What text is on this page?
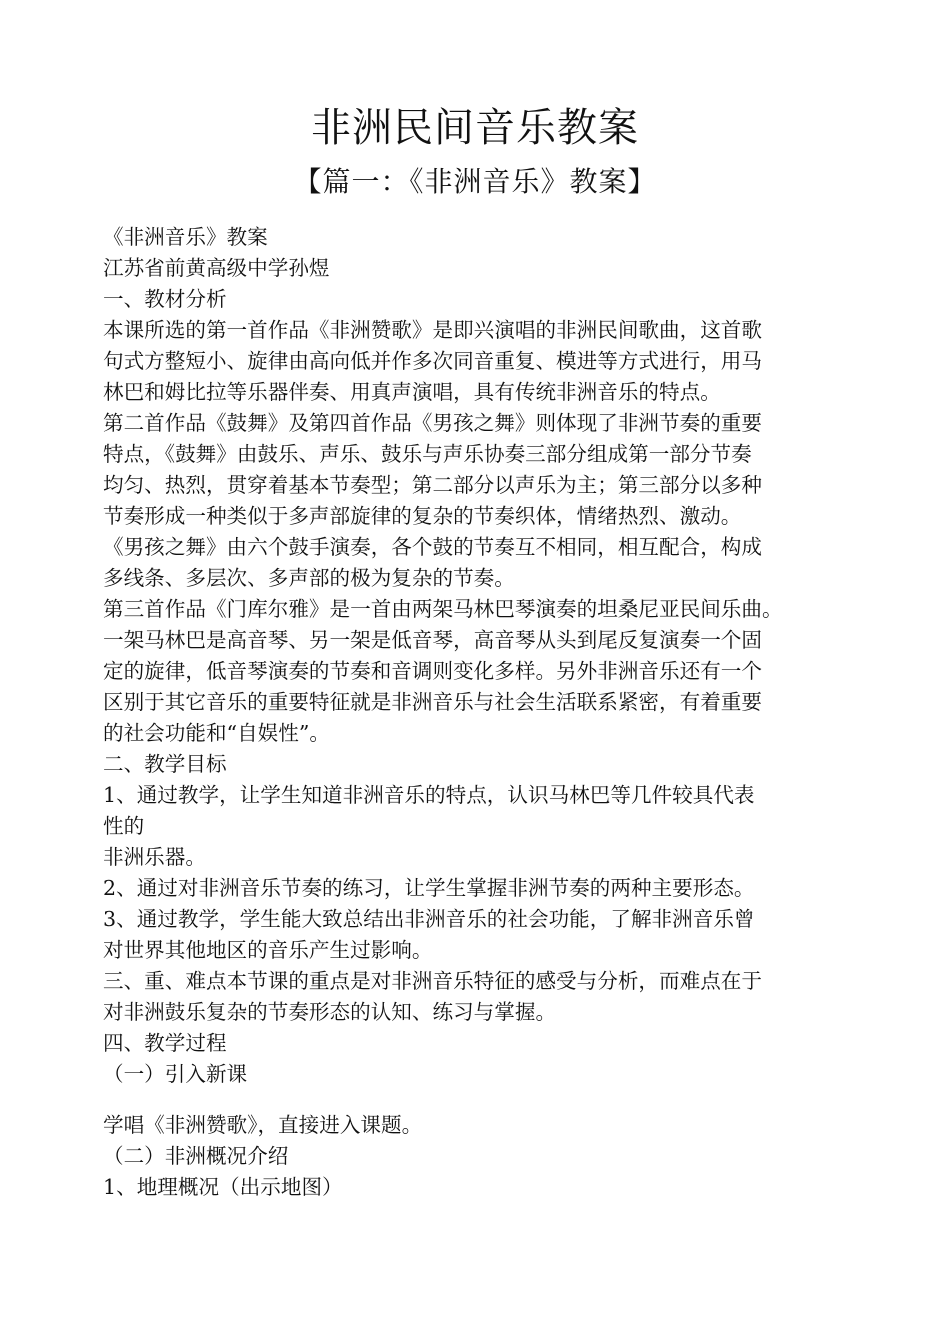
非洲民间音乐教案
【篇一：《非洲音乐》教案】

《非洲音乐》教案

江苏省前黄高级中学孙煜

一、教材分析

本课所选的第一首作品《非洲赞歌》是即兴演唱的非洲民间歌曲，这首歌

句式方整短小、旋律由高向低并作多次同音重复、模进等方式进行，用马

林巴和姆比拉等乐器伴奏、用真声演唱，具有传统非洲音乐的特点。

第二首作品《鼓舞》及第四首作品《男孩之舞》则体现了非洲节奏的重要

特点，《鼓舞》由鼓乐、声乐、鼓乐与声乐协奏三部分组成第一部分节奏

均匀、热烈，贯穿着基本节奏型；第二部分以声乐为主；第三部分以多种

节奏形成一种类似于多声部旋律的复杂的节奏织体，情绪热烈、激动。

《男孩之舞》由六个鼓手演奏，各个鼓的节奏互不相同，相互配合，构成

多线条、多层次、多声部的极为复杂的节奏。

第三首作品《门库尔雅》是一首由两架马林巴琴演奏的坦桑尼亚民间乐曲。

一架马林巴是高音琴、另一架是低音琴，高音琴从头到尾反复演奏一个固

定的旋律，低音琴演奏的节奏和音调则变化多样。另外非洲音乐还有一个

区别于其它音乐的重要特征就是非洲音乐与社会生活联系紧密，有着重要

的社会功能和“自娱性”。

二、教学目标

1、通过教学，让学生知道非洲音乐的特点，认识马林巴等几件较具代表

性的

非洲乐器。

2、通过对非洲音乐节奏的练习，让学生掌握非洲节奏的两种主要形态。

3、通过教学，学生能大致总结出非洲音乐的社会功能，了解非洲音乐曾

对世界其他地区的音乐产生过影响。

三、重、难点本节课的重点是对非洲音乐特征的感受与分析，而难点在于

对非洲鼓乐复杂的节奏形态的认知、练习与掌握。

四、教学过程

（一）引入新课

学唱《非洲赞歌》，直接进入课题。

（二）非洲概况介绍

1、地理概况（出示地图）
